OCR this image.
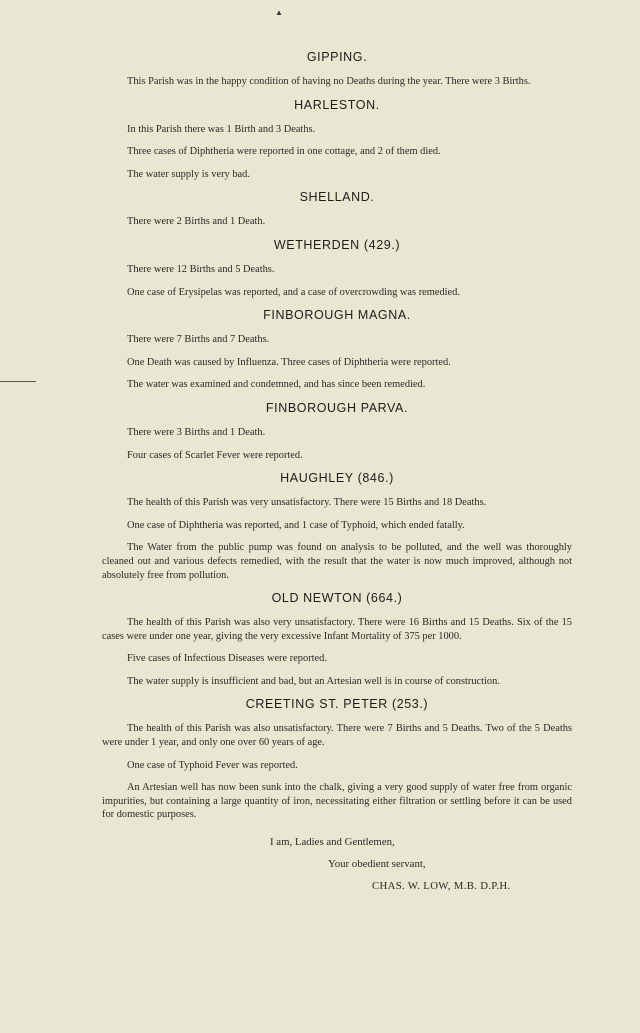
▲
GIPPING.

This Parish was in the happy condition of having no Deaths during the year. There were 3 Births.

HARLESTON.

In this Parish there was 1 Birth and 3 Deaths.

Three cases of Diphtheria were reported in one cottage, and 2 of them died.

The water supply is very bad.

SHELLAND.

There were 2 Births and 1 Death.

WETHERDEN (429.)

There were 12 Births and 5 Deaths.

One case of Erysipelas was reported, and a case of overcrowding was remedied.

FINBOROUGH MAGNA.

There were 7 Births and 7 Deaths.

One Death was caused by Influenza. Three cases of Diphtheria were reported.

The water was examined and condemned, and has since been remedied.

FINBOROUGH PARVA.

There were 3 Births and 1 Death.

Four cases of Scarlet Fever were reported.

HAUGHLEY (846.)

The health of this Parish was very unsatisfactory. There were 15 Births and 18 Deaths.

One case of Diphtheria was reported, and 1 case of Typhoid, which ended fatally.

The Water from the public pump was found on analysis to be polluted, and the well was thoroughly cleaned out and various defects remedied, with the result that the water is now much improved, although not absolutely free from pollution.

OLD NEWTON (664.)

The health of this Parish was also very unsatisfactory. There were 16 Births and 15 Deaths. Six of the 15 cases were under one year, giving the very excessive Infant Mortality of 375 per 1000.

Five cases of Infectious Diseases were reported.

The water supply is insufficient and bad, but an Artesian well is in course of construction.

CREETING ST. PETER (253.)

The health of this Parish was also unsatisfactory. There were 7 Births and 5 Deaths. Two of the 5 Deaths were under 1 year, and only one over 60 years of age.

One case of Typhoid Fever was reported.

An Artesian well has now been sunk into the chalk, giving a very good supply of water free from organic impurities, but containing a large quantity of iron, necessitating either filtration or settling before it can be used for domestic purposes.

I am, Ladies and Gentlemen,
Your obedient servant,
CHAS. W. LOW, M.B. D.P.H.
